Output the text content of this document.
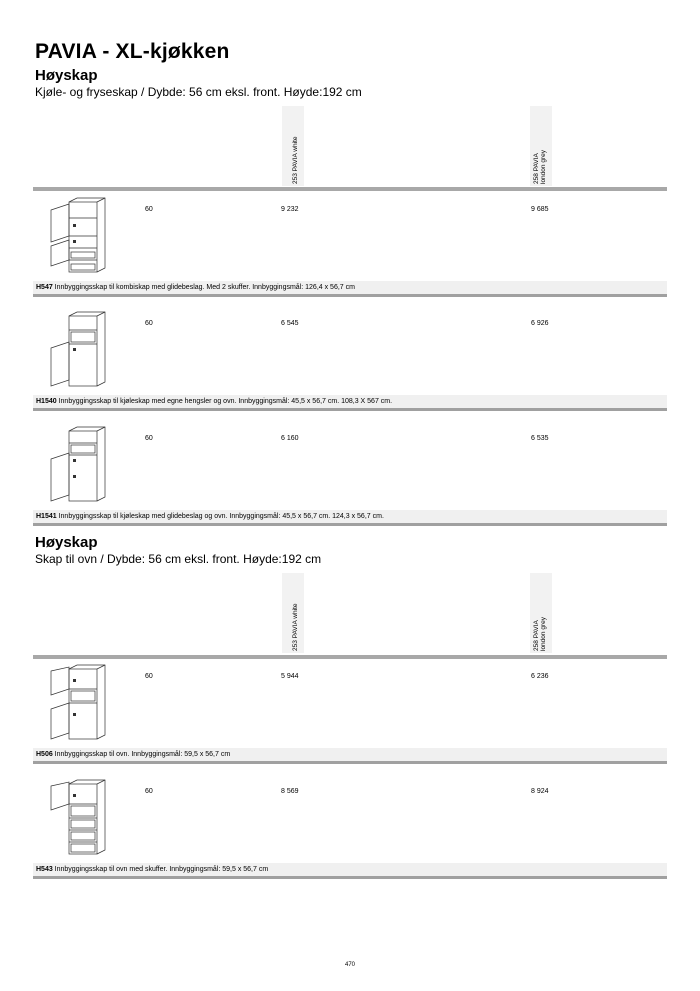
PAVIA - XL-kjøkken
Høyskap
Kjøle- og fryseskap / Dybde: 56 cm eksl. front. Høyde:192 cm
253 PAVIA white	258 PAVIA
london grey
60	9 232	9 685
H547 Innbyggingsskap til kombiskap med glidebeslag. Med 2 skuffer. Innbyggingsmål: 126,4 x 56,7 cm
60	6 545	6 926
H1540 Innbyggingsskap til kjøleskap med egne hengsler og ovn. Innbyggingsmål: 45,5 x 56,7 cm. 108,3 X 567 cm.
60	6 160	6 535
H1541 Innbyggingsskap til kjøleskap med glidebeslag og ovn. Innbyggingsmål: 45,5 x 56,7 cm. 124,3 x 56,7 cm.
Høyskap
Skap til ovn / Dybde: 56 cm eksl. front. Høyde:192 cm
253 PAVIA white	258 PAVIA
london grey
60	5 944	6 236
H506 Innbyggingsskap til ovn. Innbyggingsmål: 59,5 x 56,7 cm
60	8 569	8 924
H543 Innbyggingsskap til ovn med skuffer. Innbyggingsmål: 59,5 x 56,7 cm
470
